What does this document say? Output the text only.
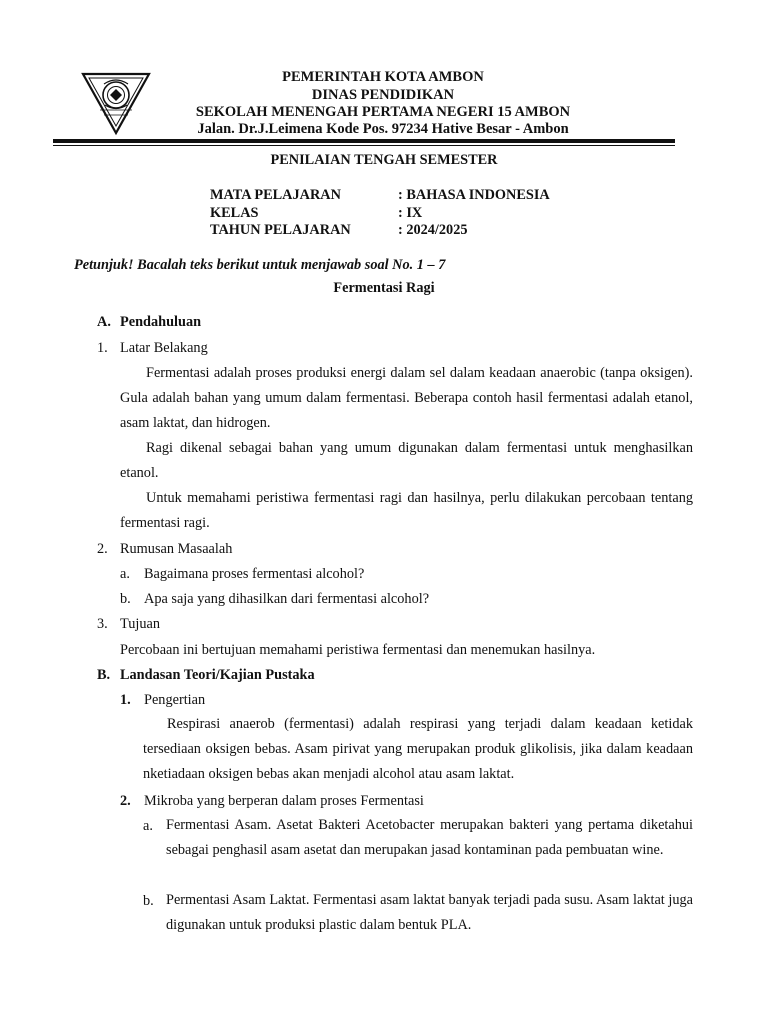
PEMERINTAH KOTA AMBON
DINAS PENDIDIKAN
SEKOLAH MENENGAH PERTAMA NEGERI 15 AMBON
Jalan. Dr.J.Leimena Kode Pos. 97234 Hative Besar - Ambon
PENILAIAN TENGAH SEMESTER
MATA PELAJARAN	: BAHASA INDONESIA
KELAS	: IX
TAHUN PELAJARAN	: 2024/2025
Petunjuk! Bacalah teks berikut untuk menjawab soal No. 1 – 7
Fermentasi Ragi
A. Pendahuluan
1. Latar Belakang
Fermentasi adalah proses produksi energi dalam sel dalam keadaan anaerobic (tanpa oksigen). Gula adalah bahan yang umum dalam fermentasi. Beberapa contoh hasil fermentasi adalah etanol, asam laktat, dan hidrogen.
Ragi dikenal sebagai bahan yang umum digunakan dalam fermentasi untuk menghasilkan etanol.
Untuk memahami peristiwa fermentasi ragi dan hasilnya, perlu dilakukan percobaan tentang fermentasi ragi.
2. Rumusan Masaalah
a. Bagaimana proses fermentasi alcohol?
b. Apa saja yang dihasilkan dari fermentasi alcohol?
3. Tujuan
Percobaan ini bertujuan memahami peristiwa fermentasi dan menemukan hasilnya.
B. Landasan Teori/Kajian Pustaka
1. Pengertian
Respirasi anaerob (fermentasi) adalah respirasi yang terjadi dalam keadaan ketidak tersediaan oksigen bebas. Asam pirivat yang merupakan produk glikolisis, jika dalam keadaan nketiadaan oksigen bebas akan menjadi alcohol atau asam laktat.
2. Mikroba yang berperan dalam proses Fermentasi
a. Fermentasi Asam. Asetat Bakteri Acetobacter merupakan bakteri yang pertama diketahui sebagai penghasil asam asetat dan merupakan jasad kontaminan pada pembuatan wine.
b. Permentasi Asam Laktat. Fermentasi asam laktat banyak terjadi pada susu. Asam laktat juga digunakan untuk produksi plastic dalam bentuk PLA.
